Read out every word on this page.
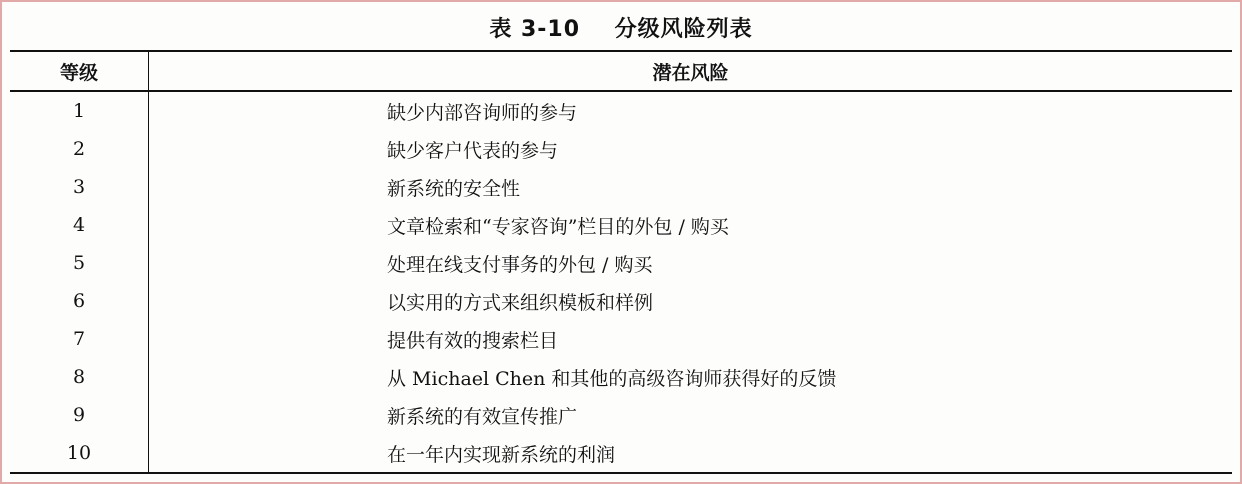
表 3-10    分级风险列表
等级	潜在风险
1	缺少内部咨询师的参与
2	缺少客户代表的参与
3	新系统的安全性
4	文章检索和“专家咨询”栏目的外包 / 购买
5	处理在线支付事务的外包 / 购买
6	以实用的方式来组织模板和样例
7	提供有效的搜索栏目
8	从 Michael Chen 和其他的高级咨询师获得好的反馈
9	新系统的有效宣传推广
10	在一年内实现新系统的利润
